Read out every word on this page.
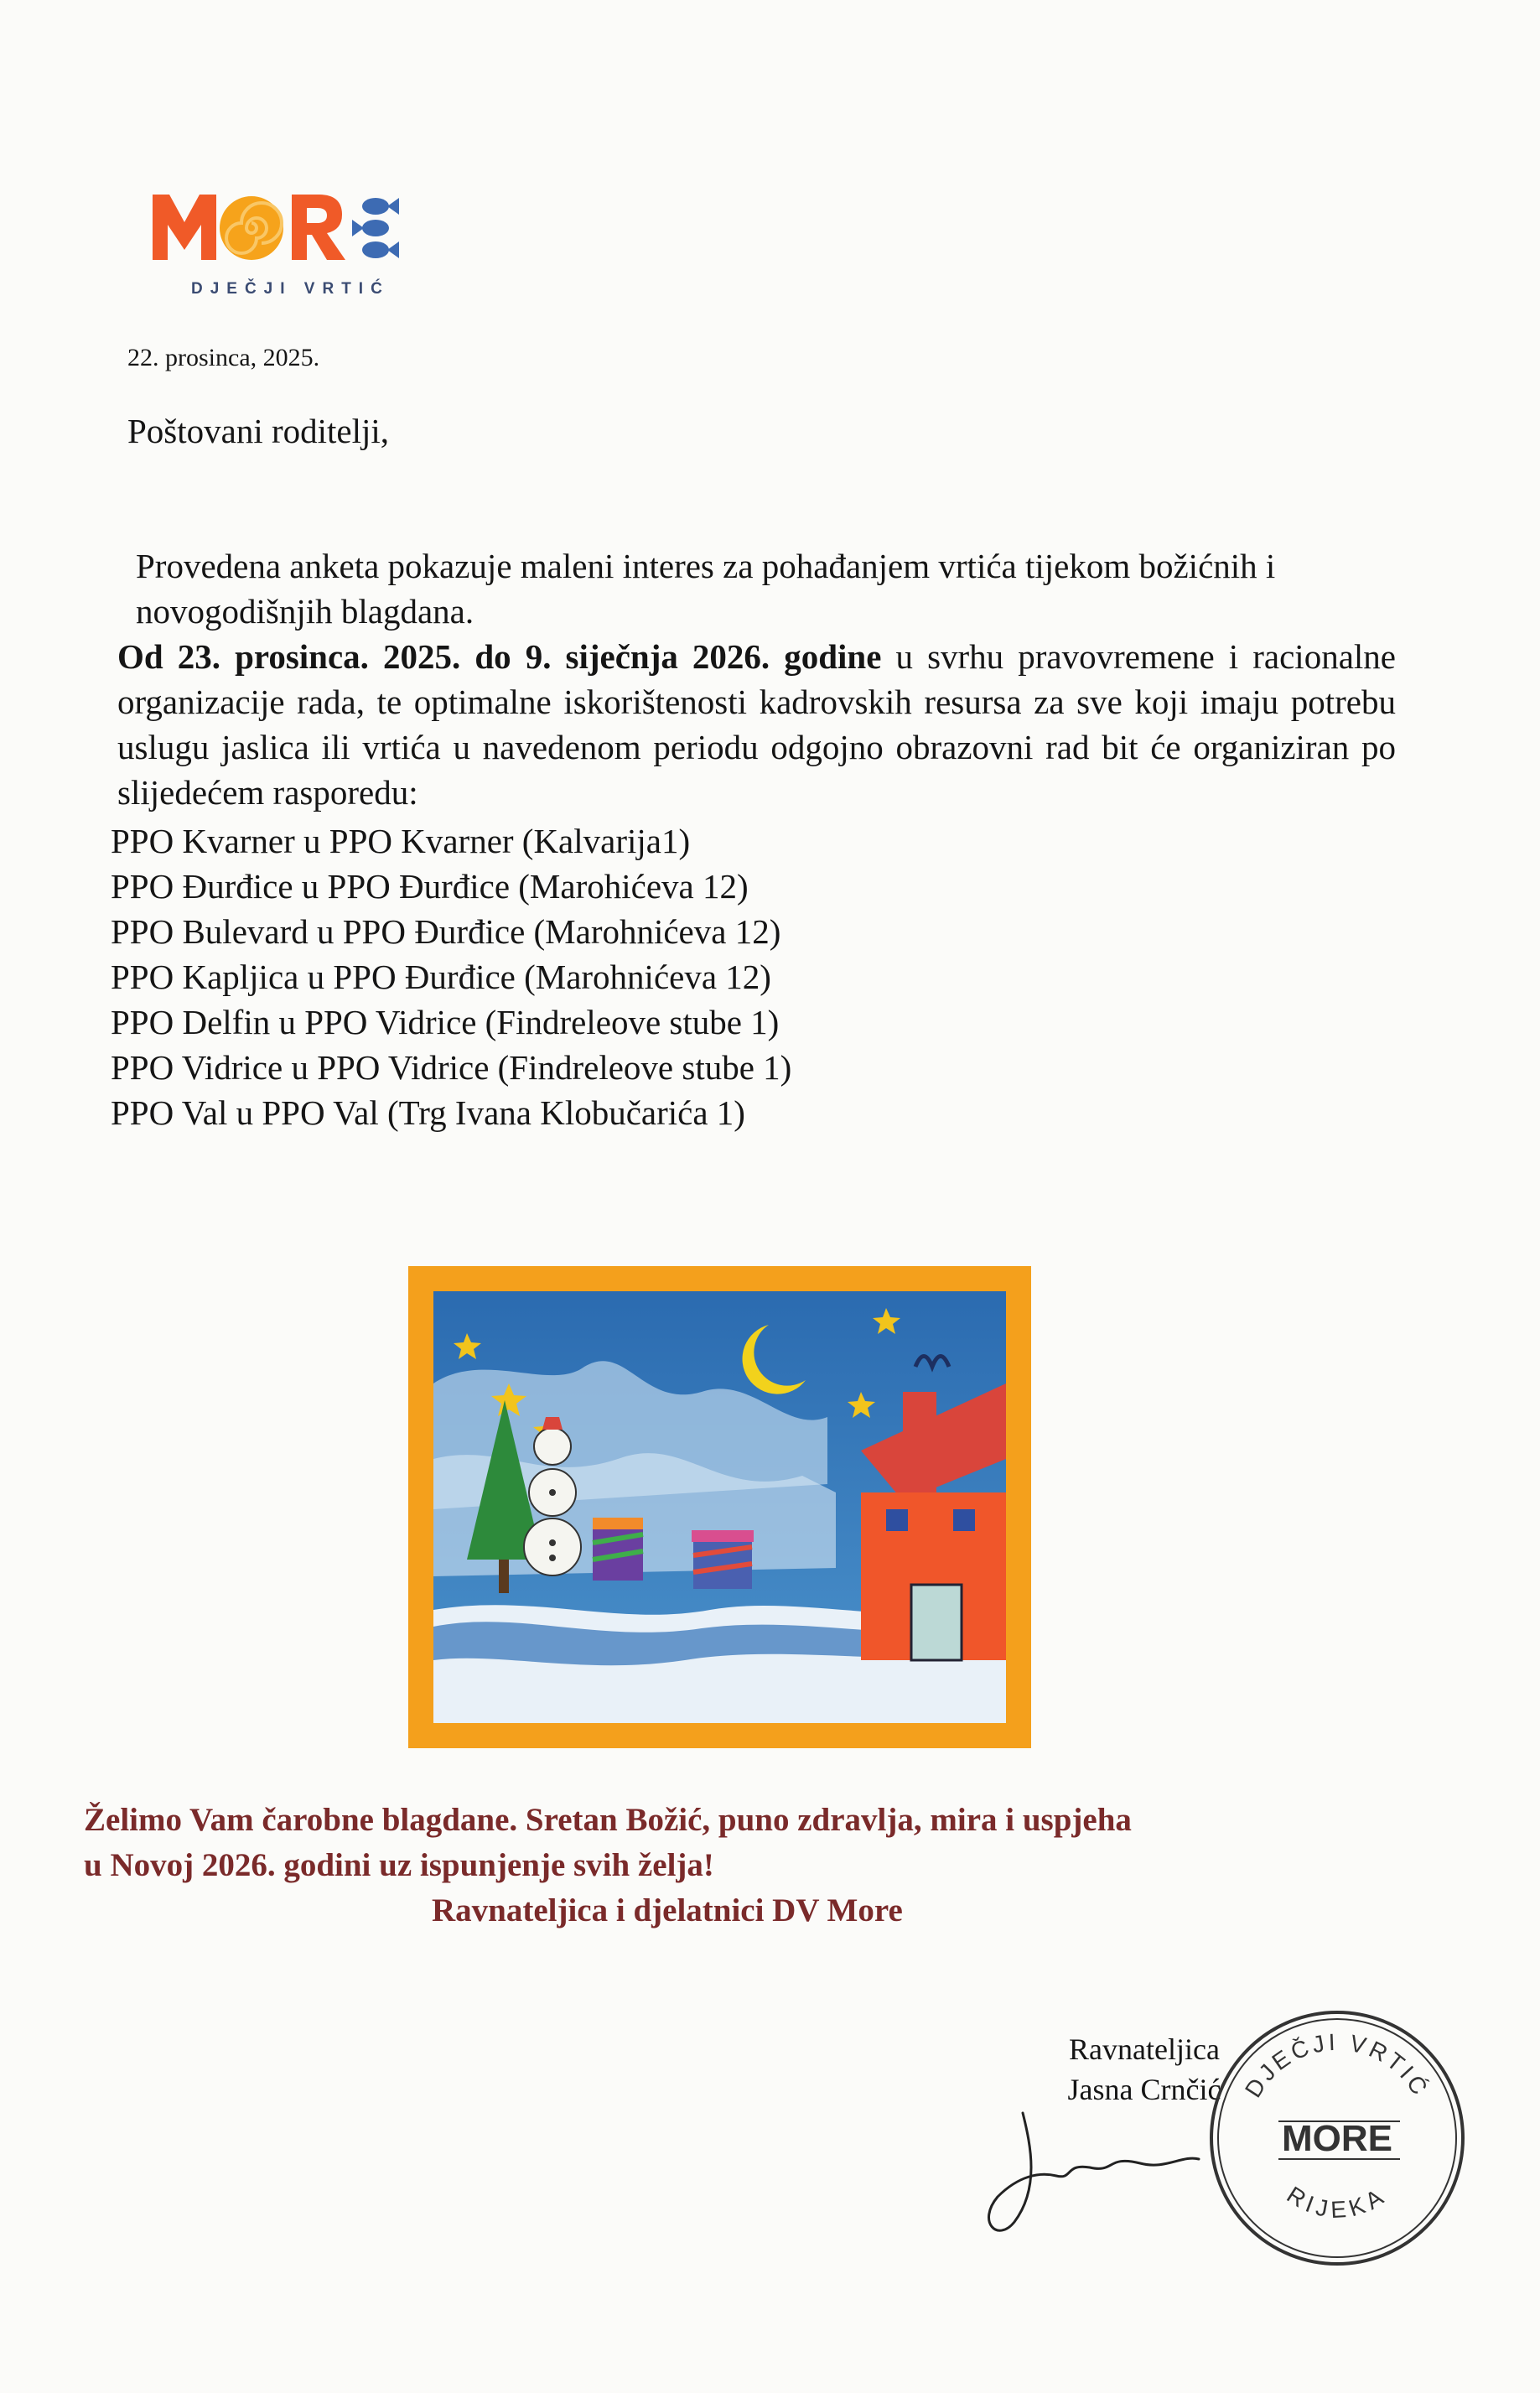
DJEČJI VRTIĆ
22. prosinca, 2025.
Poštovani roditelji,

Provedena anketa pokazuje maleni interes za pohađanjem vrtića tijekom božićnih i novogodišnjih blagdana.

Od 23. prosinca. 2025. do 9. siječnja 2026. godine u svrhu pravovremene i racionalne organizacije rada, te optimalne iskorištenosti kadrovskih resursa za sve koji imaju potrebu uslugu jaslica ili vrtića u navedenom periodu odgojno obrazovni rad bit će organiziran po slijedećem rasporedu:

PPO Kvarner u PPO Kvarner (Kalvarija1)
PPO Đurđice u PPO Đurđice (Marohićeva 12)
PPO Bulevard u PPO Đurđice (Marohnićeva 12)
PPO Kapljica u PPO Đurđice (Marohnićeva 12)
PPO Delfin u PPO Vidrice (Findreleove stube 1)
PPO Vidrice u PPO Vidrice (Findreleove stube 1)
PPO Val u PPO Val (Trg Ivana Klobučarića 1)
Želimo Vam čarobne blagdane. Sretan Božić, puno zdravlja, mira i uspjeha
u Novoj 2026. godini uz ispunjenje svih želja!
Ravnateljica i djelatnici DV More
Ravnateljica
Jasna Crnčić DJEČJI VRTIĆ
MORE
RIJEKA
